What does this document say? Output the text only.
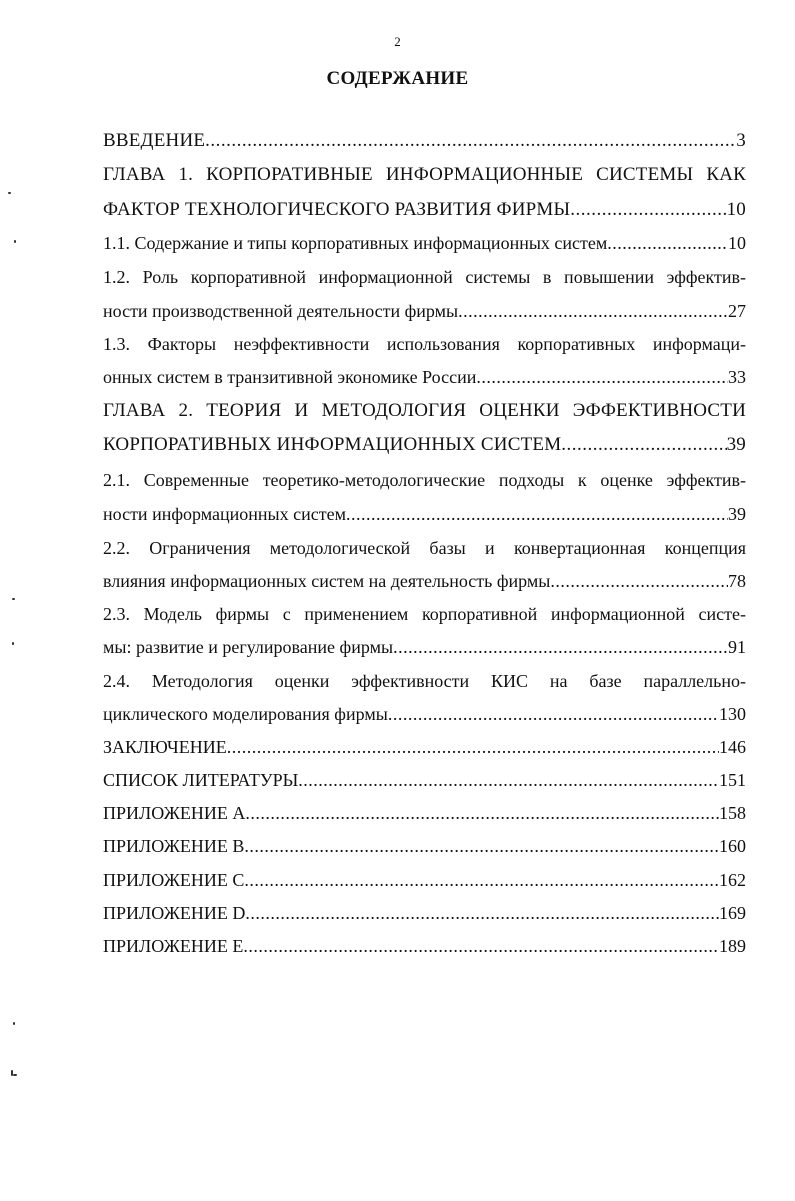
2
СОДЕРЖАНИЕ
ВВЕДЕНИЕ .....	3
ГЛАВА 1. КОРПОРАТИВНЫЕ ИНФОРМАЦИОННЫЕ СИСТЕМЫ КАК
ФАКТОР ТЕХНОЛОГИЧЕСКОГО РАЗВИТИЯ ФИРМЫ .....	10
1.1. Содержание и типы корпоративных информационных систем .....	10
1.2. Роль корпоративной информационной системы в повышении эффектив-
ности производственной деятельности фирмы .....	27
1.3. Факторы неэффективности использования корпоративных информаци-
онных систем в транзитивной экономике России .....	33
ГЛАВА 2. ТЕОРИЯ И МЕТОДОЛОГИЯ ОЦЕНКИ ЭФФЕКТИВНОСТИ
КОРПОРАТИВНЫХ ИНФОРМАЦИОННЫХ СИСТЕМ .....	39
2.1. Современные теоретико-методологические подходы к оценке эффектив-
ности информационных систем .....	39
2.2. Ограничения методологической базы и конвертационная концепция
влияния информационных систем на деятельность фирмы .....	78
2.3. Модель фирмы с применением корпоративной информационной систе-
мы: развитие и регулирование фирмы .....	91
2.4. Методология оценки эффективности КИС на базе параллельно-
циклического моделирования фирмы .....	130
ЗАКЛЮЧЕНИЕ .....	146
СПИСОК ЛИТЕРАТУРЫ .....	151
ПРИЛОЖЕНИЕ А .....	158
ПРИЛОЖЕНИЕ В .....	160
ПРИЛОЖЕНИЕ С .....	162
ПРИЛОЖЕНИЕ D .....	169
ПРИЛОЖЕНИЕ Е .....	189
